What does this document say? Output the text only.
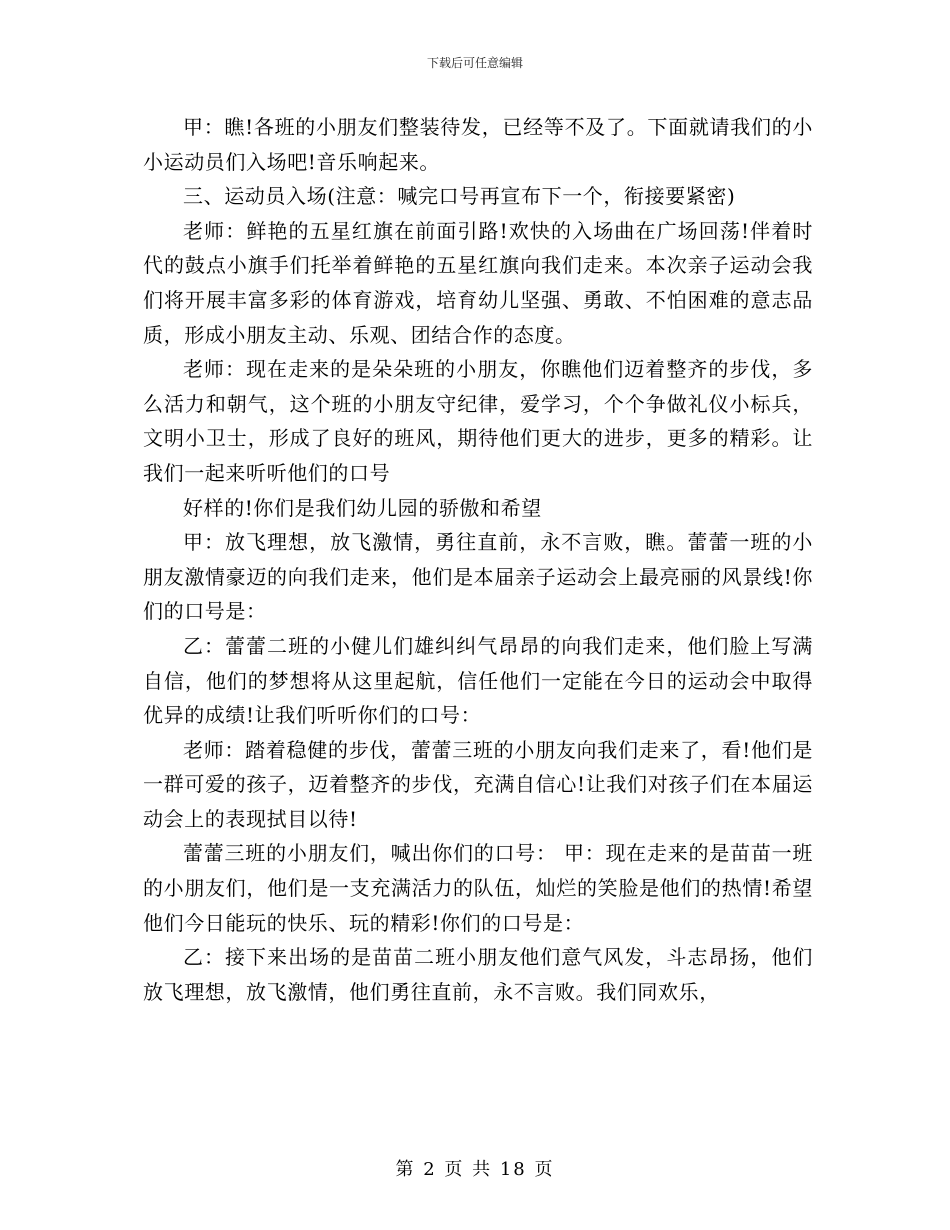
下载后可任意编辑

甲：瞧!各班的小朋友们整装待发，已经等不及了。下面就请我们的小小运动员们入场吧!音乐响起来。

三、运动员入场(注意：喊完口号再宣布下一个，衔接要紧密)

老师：鲜艳的五星红旗在前面引路!欢快的入场曲在广场回荡!伴着时代的鼓点小旗手们托举着鲜艳的五星红旗向我们走来。本次亲子运动会我们将开展丰富多彩的体育游戏，培育幼儿坚强、勇敢、不怕困难的意志品质，形成小朋友主动、乐观、团结合作的态度。

老师：现在走来的是朵朵班的小朋友，你瞧他们迈着整齐的步伐，多么活力和朝气，这个班的小朋友守纪律，爱学习，个个争做礼仪小标兵，文明小卫士，形成了良好的班风，期待他们更大的进步，更多的精彩。让我们一起来听听他们的口号

好样的!你们是我们幼儿园的骄傲和希望

甲：放飞理想，放飞激情，勇往直前，永不言败，瞧。蕾蕾一班的小朋友激情豪迈的向我们走来，他们是本届亲子运动会上最亮丽的风景线!你们的口号是：

乙：蕾蕾二班的小健儿们雄纠纠气昂昂的向我们走来，他们脸上写满自信，他们的梦想将从这里起航，信任他们一定能在今日的运动会中取得优异的成绩!让我们听听你们的口号：

老师：踏着稳健的步伐，蕾蕾三班的小朋友向我们走来了，看!他们是一群可爱的孩子，迈着整齐的步伐，充满自信心!让我们对孩子们在本届运动会上的表现拭目以待!

蕾蕾三班的小朋友们，喊出你们的口号： 甲：现在走来的是苗苗一班的小朋友们，他们是一支充满活力的队伍，灿烂的笑脸是他们的热情!希望他们今日能玩的快乐、玩的精彩!你们的口号是：

乙：接下来出场的是苗苗二班小朋友他们意气风发，斗志昂扬，他们放飞理想，放飞激情，他们勇往直前，永不言败。我们同欢乐，

第 2 页 共 18 页
